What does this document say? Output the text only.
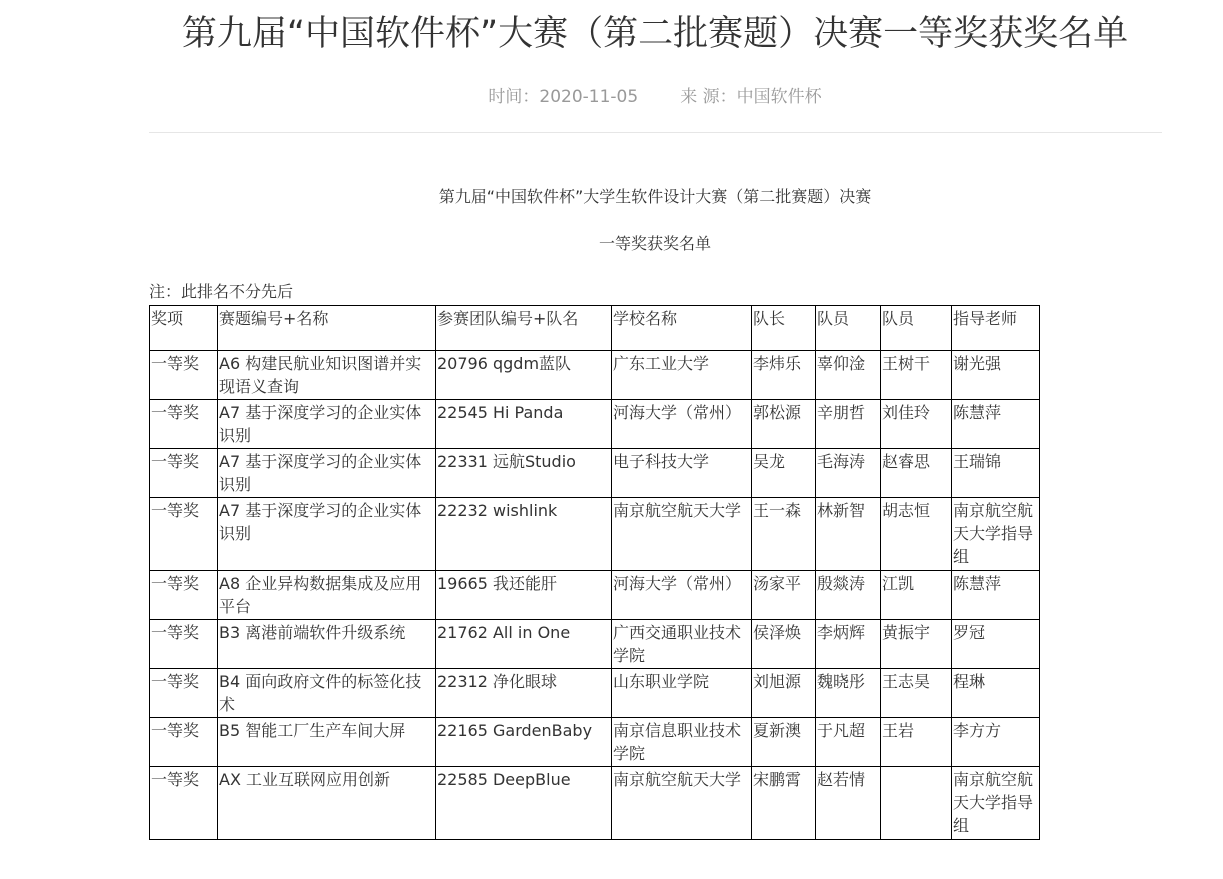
第九届“中国软件杯”大赛（第二批赛题）决赛一等奖获奖名单
时间：2020-11-05 来 源：中国软件杯
第九届“中国软件杯”大学生软件设计大赛（第二批赛题）决赛
一等奖获奖名单
注：此排名不分先后
奖项	赛题编号+名称	参赛团队编号+队名	学校名称	队长	队员	队员	指导老师
一等奖	A6 构建民航业知识图谱并实现语义查询	20796 qgdm蓝队	广东工业大学	李炜乐	辜仰淦	王树干	谢光强
一等奖	A7 基于深度学习的企业实体识别	22545 Hi Panda	河海大学（常州）	郭松源	辛朋哲	刘佳玲	陈慧萍
一等奖	A7 基于深度学习的企业实体识别	22331 远航Studio	电子科技大学	吴龙	毛海涛	赵睿思	王瑞锦
一等奖	A7 基于深度学习的企业实体识别	22232 wishlink	南京航空航天大学	王一森	林新智	胡志恒	南京航空航天大学指导组
一等奖	A8 企业异构数据集成及应用平台	19665 我还能肝	河海大学（常州）	汤家平	殷燚涛	江凯	陈慧萍
一等奖	B3 离港前端软件升级系统	21762 All in One	广西交通职业技术学院	侯泽焕	李炳辉	黄振宇	罗冠
一等奖	B4 面向政府文件的标签化技术	22312 净化眼球	山东职业学院	刘旭源	魏晓彤	王志昊	程琳
一等奖	B5 智能工厂生产车间大屏	22165 GardenBaby	南京信息职业技术学院	夏新澳	于凡超	王岩	李方方
一等奖	AX 工业互联网应用创新	22585 DeepBlue	南京航空航天大学	宋鹏霄	赵若情		南京航空航天大学指导组
